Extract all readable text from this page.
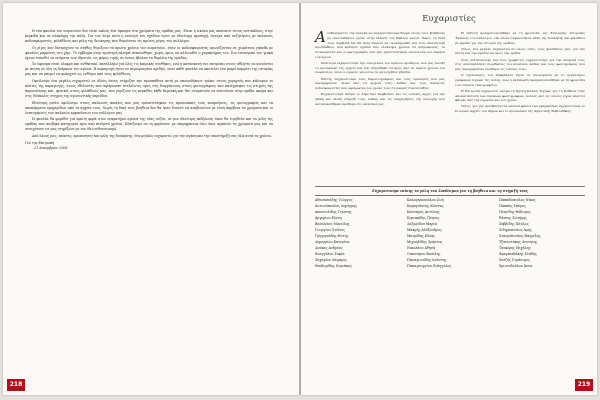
Η νέα φανέλα του σωματείου δεν είναι απλώς ένα ύφασμα στα χρώματα της ομάδας μας. Είναι η εικόνα μας απέναντι στους αντιπάλους, στην κερκίδα και σε ολόκληρη την πόλη. Για τον λόγο αυτό η επιλογή του σχεδίου έγινε με ιδιαίτερη προσοχή, ύστερα από συζητήσεις με παλαιούς ποδοσφαιριστές, φιλάθλους και μέλη της διοίκησης που θυμούνται τις πρώτες μέρες του συλλόγου.

Οι ρίγες που διατρέχουν το στήθος θυμίζουν τα πρώτα χρόνια του σωματείου, όταν οι ποδοσφαιριστές αγωνίζονταν σε χωμάτινα γήπεδα με φανέλες ραμμένες στο χέρι. Το έμβλημα στην αριστερή πλευρά ανανεώθηκε, χωρίς όμως να αλλοιωθεί ο χαρακτήρας του. Στο εσωτερικό του γιακά έχουν τυπωθεί τα ονόματα των ιδρυτών, ως φόρος τιμής σε όσους έβαλαν τα θεμέλια της ομάδας.

Το ύφασμα είναι ελαφρύ και ανθεκτικό, κατάλληλο για όλες τις καιρικές συνθήκες, ενώ η κατασκευή του επιτρέπει στους αθλητές να κινούνται με άνεση σε όλη τη διάρκεια του αγώνα. Η παραγωγή έγινε σε περιορισμένο αριθμό, ώστε κάθε φανέλα να αποτελεί ένα μικρό κομμάτι της ιστορίας μας και να μπορεί να φυλαχτεί ως ενθύμιο από τους φιλάθλους.

Οφείλουμε ένα μεγάλο ευχαριστώ σε όλους όσους στήριξαν την προσπάθεια αυτή με οποιονδήποτε τρόπο: στους χορηγούς που κάλυψαν το κόστος της παραγωγής, στους εθελοντές που αφιέρωσαν ατελείωτες ώρες στη διοργάνωση, στους φωτογράφους που κατέγραψαν τις στιγμές της παρουσίασης και, φυσικά, στους φιλάθλους μας, που γεμίζουν τις κερκίδες κάθε Κυριακή και δεν σταματούν να πιστεύουν στην ομάδα ακόμα και στις δύσκολες στιγμές της αγωνιστικής περιόδου.

Ιδιαίτερη μνεία οφείλουμε στους παλαιούς παίκτες που μας εμπιστεύτηκαν τις προσωπικές τους αναμνήσεις, τις φωτογραφίες και τα αποκόμματα εφημερίδων από τα αρχεία τους. Χωρίς τη δική τους βοήθεια δεν θα ήταν δυνατό να αναβιώσουν με τόση ακρίβεια τα χρώματα και οι λεπτομέρειες των παλαιών εμφανίσεων του συλλόγου μας.

Η φανέλα θα φορεθεί για πρώτη φορά στον εναρκτήριο αγώνα της νέας σεζόν, σε μια ιδιαίτερη εκδήλωση όπου θα τιμηθούν και τα μέλη της ομάδας που ανέβηκε κατηγορία πριν από πενήντα χρόνια. Ελπίζουμε να τη φορέσουν με υπερηφάνεια όλοι όσοι αγαπούν τα χρώματά μας και να συνεχίσουν να μας στηρίζουν με τον ίδιο ενθουσιασμό.

Από όλους μας, παίκτες, προπονητές και μέλη της διοίκησης, ένα μεγάλο ευχαριστώ για την αγάπη και την υποστήριξή σας όλα αυτά τα χρόνια.

Για την Επιτροπή
21 Δεκεμβρίου 2006

218
Ευχαριστίες

Αισθανόμαστε την ανάγκη να ευχαριστήσουμε θερμά όλους όσοι βοήθησαν με οποιονδήποτε τρόπο στην έκδοση του βιβλίου αυτού. Χωρίς τη δική τους συμβολή δεν θα ήταν δυνατό να ολοκληρωθεί μια τόσο απαιτητική προσπάθεια, που κράτησε σχεδόν δύο ολόκληρα χρόνια. Οι πληροφορίες, τα ντοκουμέντα και οι φωτογραφίες που μας εμπιστεύτηκαν αποτελούν τον πυρήνα του έργου.

Ιδιαίτερα ευχαριστούμε την οικογένεια του πρώτου προέδρου, που μας άνοιξε το προσωπικό της αρχείο και μας διηγήθηκε ιστορίες από τα πρώτα χρόνια του σωματείου, όταν οι αγώνες γίνονταν σε αυτοσχέδια γήπεδα.

Επίσης ευχαριστούμε τους δημοσιογράφους και τους ερευνητές που μας παραχώρησαν υλικό από τα αρχεία τους, καθώς και τους παλαιούς ποδοσφαιριστές που αφιέρωσαν τον χρόνο τους σε μακρές συνεντεύξεις.

Ευχαριστούμε ακόμα το Δημοτικό Συμβούλιο και τις τοπικές αρχές για την ηθική και υλική στήριξή τους, καθώς και τις επιχειρήσεις της περιοχής που ανταποκρίθηκαν πρόθυμα στο κάλεσμά μας.

Η έκδοση πραγματοποιήθηκε με τη φροντίδα της Επιτροπής Ιστορικής Έρευνας του συλλόγου, την οποία συγκρότησαν μέλη της διοίκησης και φίλαθλοι με μεράκι για την ιστορία της ομάδας.

Τέλος, ένα μεγάλο ευχαριστώ σε όλους εσάς, τους φιλάθλους μας, για την πίστη και την αγάπη σας προς την ομάδα.

Τους σελιδοποιούς και τους γραφίστες ευχαριστούμε για την υπομονή τους στις αλλεπάλληλες διορθώσεις του κειμένου, καθώς και τους φωτογράφους που μας παραχώρησαν ελεύθερα τις εικόνες τους.

Ο σχεδιασμός του εξωφύλλου έγινε σε συνεργασία με το εργαστήριο γραφικών τεχνών της πόλης, ενώ η εκτύπωση πραγματοποιήθηκε με τη φροντίδα του τοπικού τυπογραφείου.

Η Επιτροπή ευχαριστεί ακόμα τη Σχολή Καλών Τεχνών για τη βοήθεια στην αποκατάσταση των παλαιών φωτογραφιών, πολλές από τις οποίες είχαν υποστεί φθορές από την υγρασία και τον χρόνο.

Τέλος, για την πρόσβαση στα παλαιά φύλλα των εφημερίδων ευχαριστούμε το Ιστορικό Αρχείο του Δήμου και το προσωπικό της Δημοτικής Βιβλιοθήκης.

Ευχαριστούμε επίσης τα μέλη του Συνδέσμου για τη βοήθεια και τη στήριξή τους
Αθανασιάδης Γιώργος	Καλογεροπούλου Ζωή	Παπαδόπουλος Νίκος
Αντωνόπουλος Δημήτρης	Καραγιάννης Κώστας	Παππάς Σπύρος
Αποστολίδης Γιάννης	Κατσαρός Αντώνης	Πετρίδης Θόδωρος
Αργυρίου Ελένη	Κυριακίδης Πέτρος	Ράπτης Σωτήρης
Βασιλείου Μανώλης	Λαζαρίδου Μαρία	Σαββίδης Παύλος
Γεωργίου Στέλιος	Μακρής Αλέξανδρος	Σιδηρόπουλος Άρης
Γρηγοριάδης Φώτης	Μαυρίδης Ηλίας	Σταυρόπουλος Βαγγέλης
Δημητρίου Κατερίνα	Μιχαηλίδης Χρήστος	Τζαννετάκης Λευτέρης
Δούκας Ανδρέας	Νικολάου Αθηνά	Τσακίρης Μιχάλης
Ευαγγέλου Σοφία	Οικονόμου Βασίλης	Φραγκιαδάκης Στάθης
Ζαχαρίου Λάμπρος	Παναγιωτίδης Ιωάννης	Χατζής Γεράσιμος
Θεοδωρίδης Κυριάκος	Παπαγεωργίου Ευάγγελος	Χριστοδούλου Άννα
219
